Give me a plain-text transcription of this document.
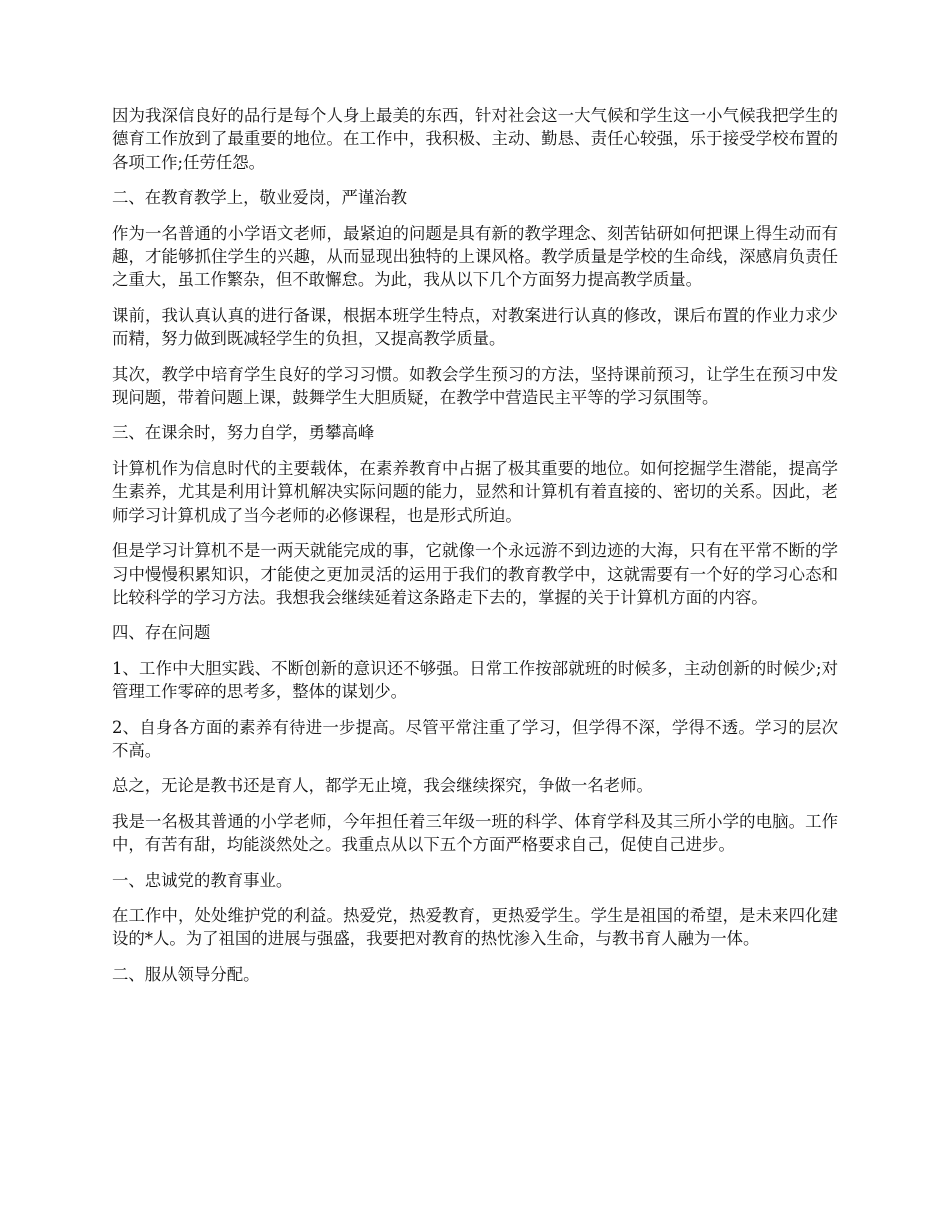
因为我深信良好的品行是每个人身上最美的东西，针对社会这一大气候和学生这一小气候我把学生的德育工作放到了最重要的地位。在工作中，我积极、主动、勤恳、责任心较强，乐于接受学校布置的各项工作;任劳任怨。

二、在教育教学上，敬业爱岗，严谨治教

作为一名普通的小学语文老师，最紧迫的问题是具有新的教学理念、刻苦钻研如何把课上得生动而有趣，才能够抓住学生的兴趣，从而显现出独特的上课风格。教学质量是学校的生命线，深感肩负责任之重大，虽工作繁杂，但不敢懈怠。为此，我从以下几个方面努力提高教学质量。

课前，我认真认真的进行备课，根据本班学生特点，对教案进行认真的修改，课后布置的作业力求少而精，努力做到既减轻学生的负担，又提高教学质量。

其次，教学中培育学生良好的学习习惯。如教会学生预习的方法，坚持课前预习，让学生在预习中发现问题，带着问题上课，鼓舞学生大胆质疑，在教学中营造民主平等的学习氛围等。

三、在课余时，努力自学，勇攀高峰

计算机作为信息时代的主要载体，在素养教育中占据了极其重要的地位。如何挖掘学生潜能，提高学生素养，尤其是利用计算机解决实际问题的能力，显然和计算机有着直接的、密切的关系。因此，老师学习计算机成了当今老师的必修课程，也是形式所迫。

但是学习计算机不是一两天就能完成的事，它就像一个永远游不到边迹的大海，只有在平常不断的学习中慢慢积累知识，才能使之更加灵活的运用于我们的教育教学中，这就需要有一个好的学习心态和比较科学的学习方法。我想我会继续延着这条路走下去的，掌握的关于计算机方面的内容。

四、存在问题

1、工作中大胆实践、不断创新的意识还不够强。日常工作按部就班的时候多，主动创新的时候少;对管理工作零碎的思考多，整体的谋划少。

2、自身各方面的素养有待进一步提高。尽管平常注重了学习，但学得不深，学得不透。学习的层次不高。

总之，无论是教书还是育人，都学无止境，我会继续探究，争做一名老师。

我是一名极其普通的小学老师，今年担任着三年级一班的科学、体育学科及其三所小学的电脑。工作中，有苦有甜，均能淡然处之。我重点从以下五个方面严格要求自己，促使自己进步。

一、忠诚党的教育事业。

在工作中，处处维护党的利益。热爱党，热爱教育，更热爱学生。学生是祖国的希望，是未来四化建设的*人。为了祖国的进展与强盛，我要把对教育的热忱渗入生命，与教书育人融为一体。

二、服从领导分配。
